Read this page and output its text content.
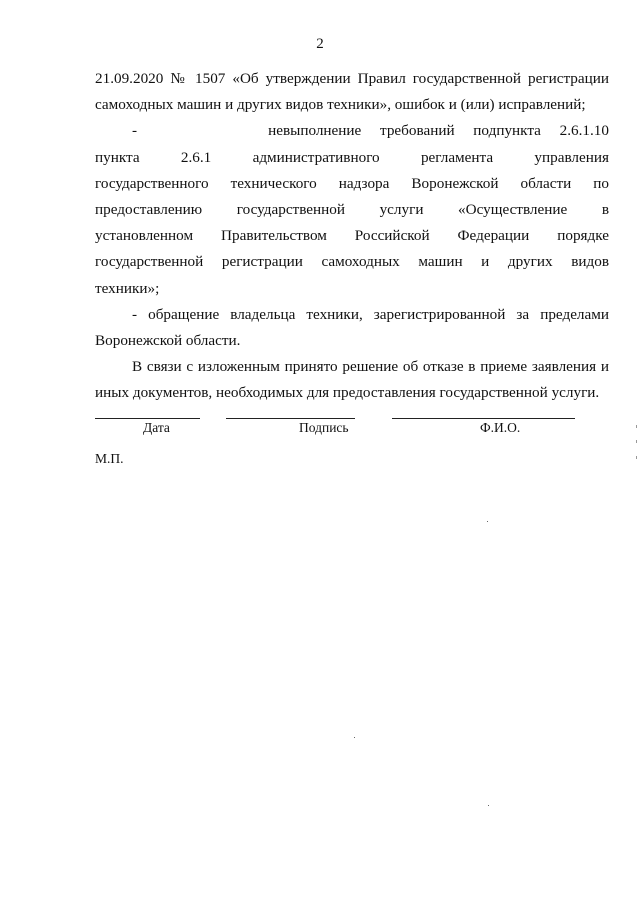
2

21.09.2020 № 1507 «Об утверждении Правил государственной регистрации самоходных машин и других видов техники», ошибок и (или) исправлений;

-       невыполнение требований подпункта 2.6.1.10 пункта 2.6.1 административного регламента управления государственного технического надзора Воронежской области по предоставлению государственной услуги «Осуществление в установленном Правительством Российской Федерации порядке государственной регистрации самоходных машин и других видов техники»;

- обращение владельца техники, зарегистрированной за пределами Воронежской области.

В связи с изложенным принято решение об отказе в приеме заявления и иных документов, необходимых для предоставления государственной услуги.

Дата	Подпись	Ф.И.О.
М.П.
